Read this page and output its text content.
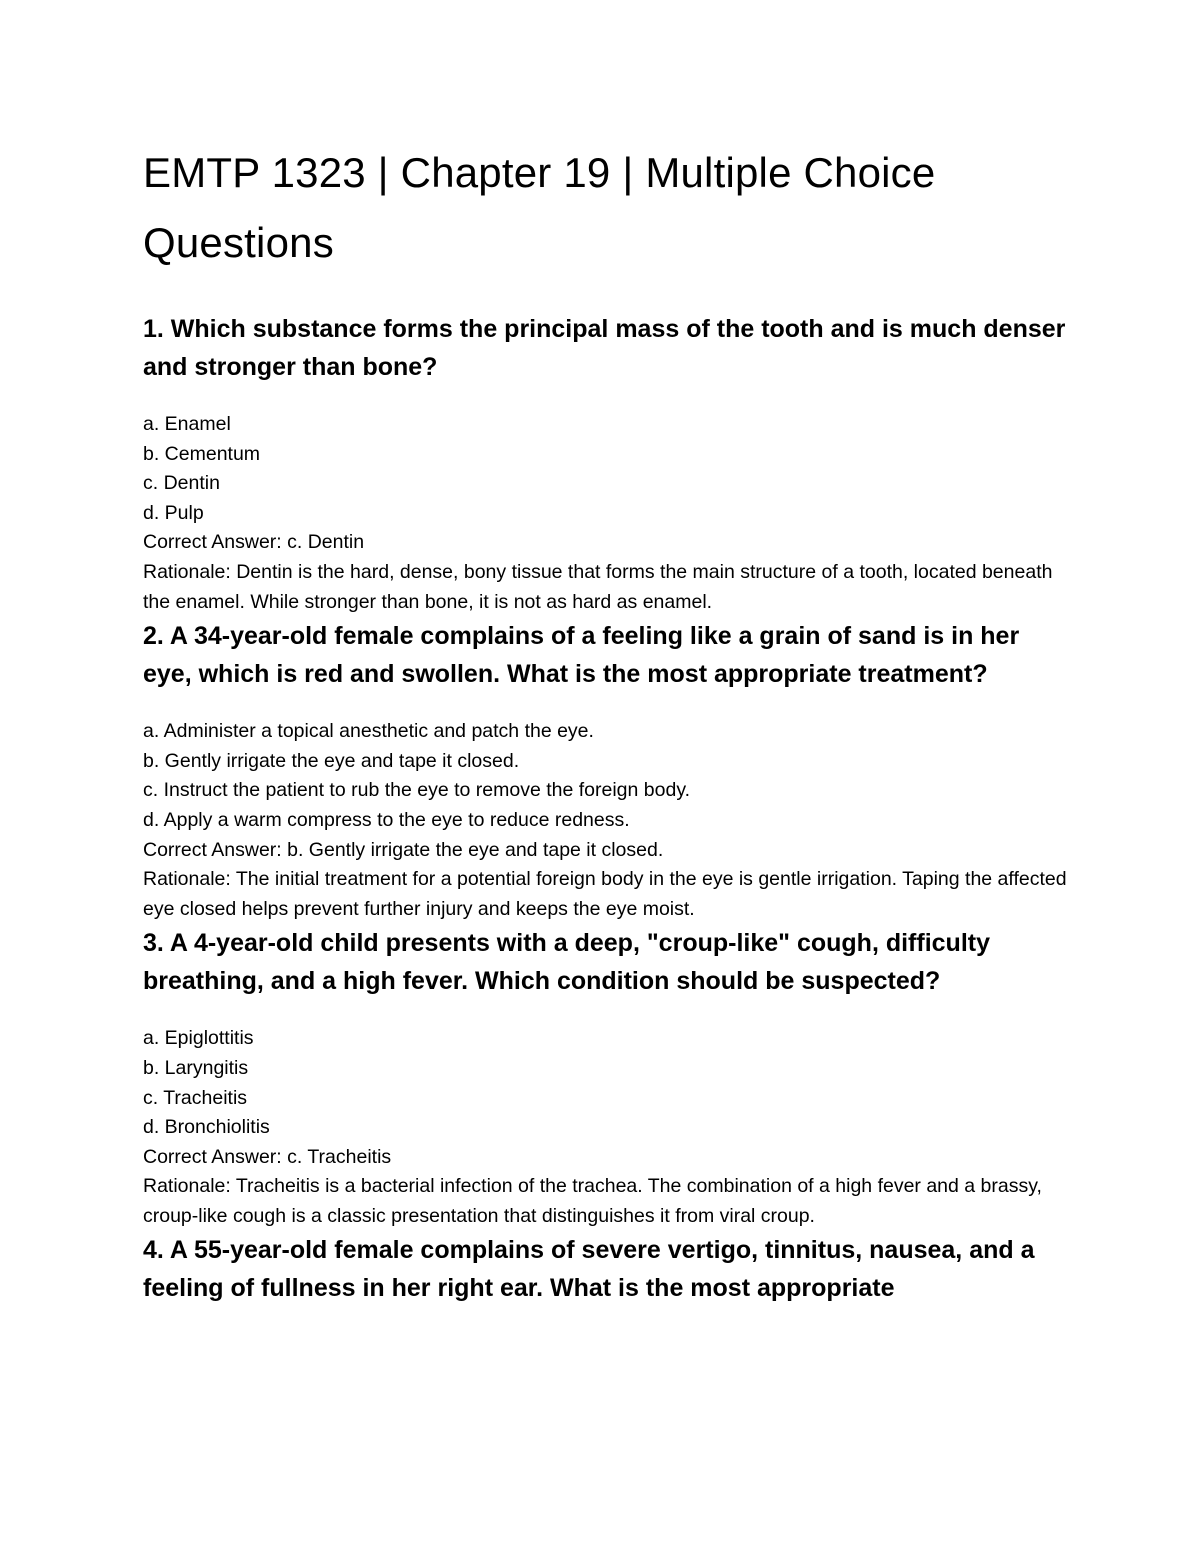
EMTP 1323 | Chapter 19 | Multiple Choice Questions

1. Which substance forms the principal mass of the tooth and is much denser and stronger than bone?

a. Enamel
b. Cementum
c. Dentin
d. Pulp
Correct Answer: c. Dentin
Rationale: Dentin is the hard, dense, bony tissue that forms the main structure of a tooth, located beneath the enamel. While stronger than bone, it is not as hard as enamel.

2. A 34-year-old female complains of a feeling like a grain of sand is in her eye, which is red and swollen. What is the most appropriate treatment?

a. Administer a topical anesthetic and patch the eye.
b. Gently irrigate the eye and tape it closed.
c. Instruct the patient to rub the eye to remove the foreign body.
d. Apply a warm compress to the eye to reduce redness.
Correct Answer: b. Gently irrigate the eye and tape it closed.
Rationale: The initial treatment for a potential foreign body in the eye is gentle irrigation. Taping the affected eye closed helps prevent further injury and keeps the eye moist.

3. A 4-year-old child presents with a deep, "croup-like" cough, difficulty breathing, and a high fever. Which condition should be suspected?

a. Epiglottitis
b. Laryngitis
c. Tracheitis
d. Bronchiolitis
Correct Answer: c. Tracheitis
Rationale: Tracheitis is a bacterial infection of the trachea. The combination of a high fever and a brassy, croup-like cough is a classic presentation that distinguishes it from viral croup.

4. A 55-year-old female complains of severe vertigo, tinnitus, nausea, and a feeling of fullness in her right ear. What is the most appropriate
